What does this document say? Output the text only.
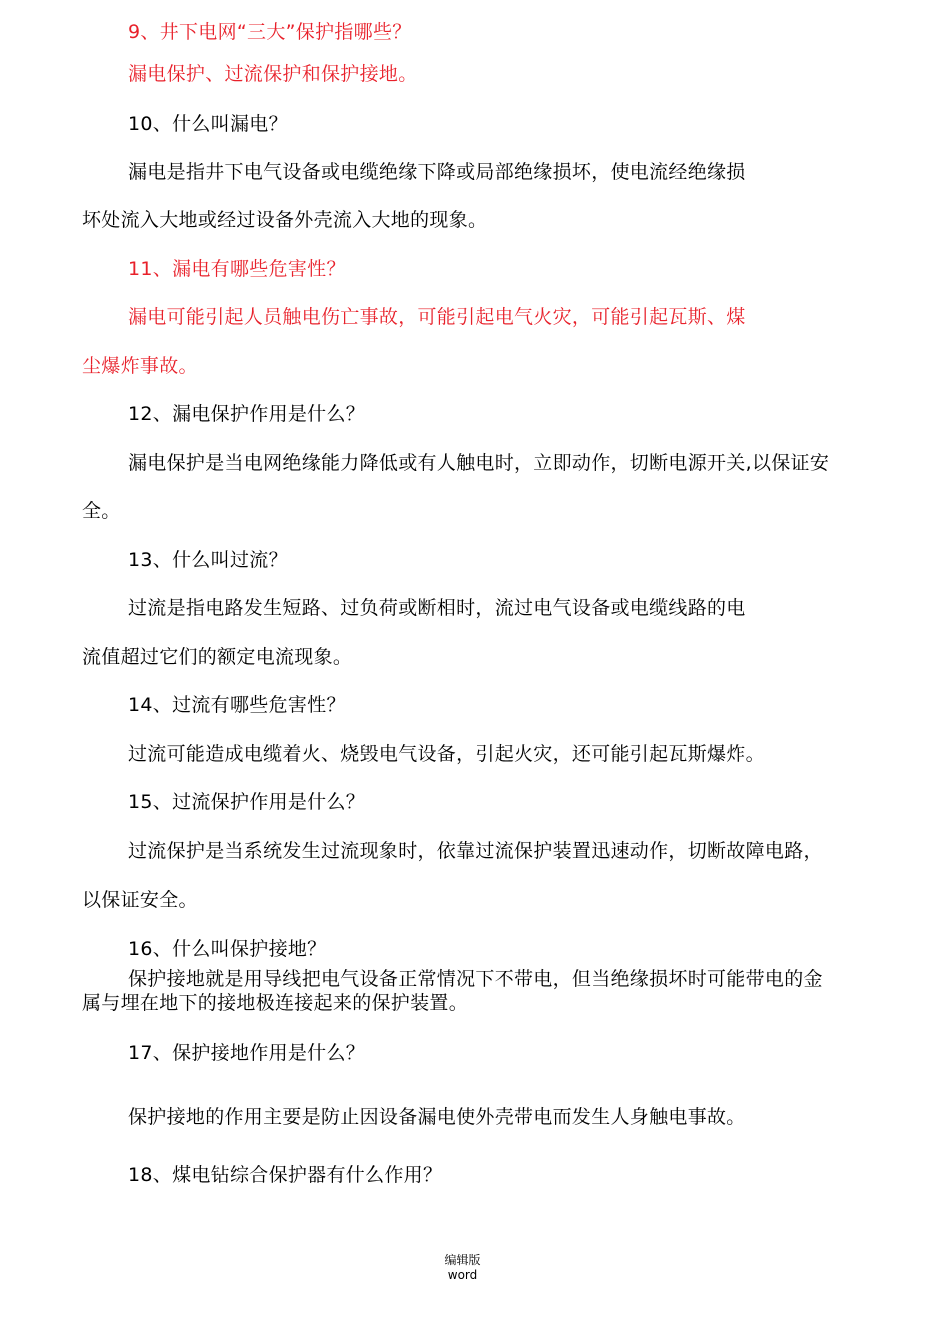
9、井下电网“三大”保护指哪些？
漏电保护、过流保护和保护接地。
10、什么叫漏电？
漏电是指井下电气设备或电缆绝缘下降或局部绝缘损坏，使电流经绝缘损
坏处流入大地或经过设备外壳流入大地的现象。
11、漏电有哪些危害性？
漏电可能引起人员触电伤亡事故，可能引起电气火灾，可能引起瓦斯、煤
尘爆炸事故。
12、漏电保护作用是什么？
漏电保护是当电网绝缘能力降低或有人触电时，立即动作，切断电源开关,以保证安
全。
13、什么叫过流？
过流是指电路发生短路、过负荷或断相时，流过电气设备或电缆线路的电
流值超过它们的额定电流现象。
14、过流有哪些危害性？
过流可能造成电缆着火、烧毁电气设备，引起火灾，还可能引起瓦斯爆炸。
15、过流保护作用是什么？
过流保护是当系统发生过流现象时，依靠过流保护装置迅速动作，切断故障电路，
以保证安全。
16、什么叫保护接地？
保护接地就是用导线把电气设备正常情况下不带电，但当绝缘损坏时可能带电的金
属与埋在地下的接地极连接起来的保护装置。
17、保护接地作用是什么？
保护接地的作用主要是防止因设备漏电使外壳带电而发生人身触电事故。
18、煤电钻综合保护器有什么作用？
编辑版
word
